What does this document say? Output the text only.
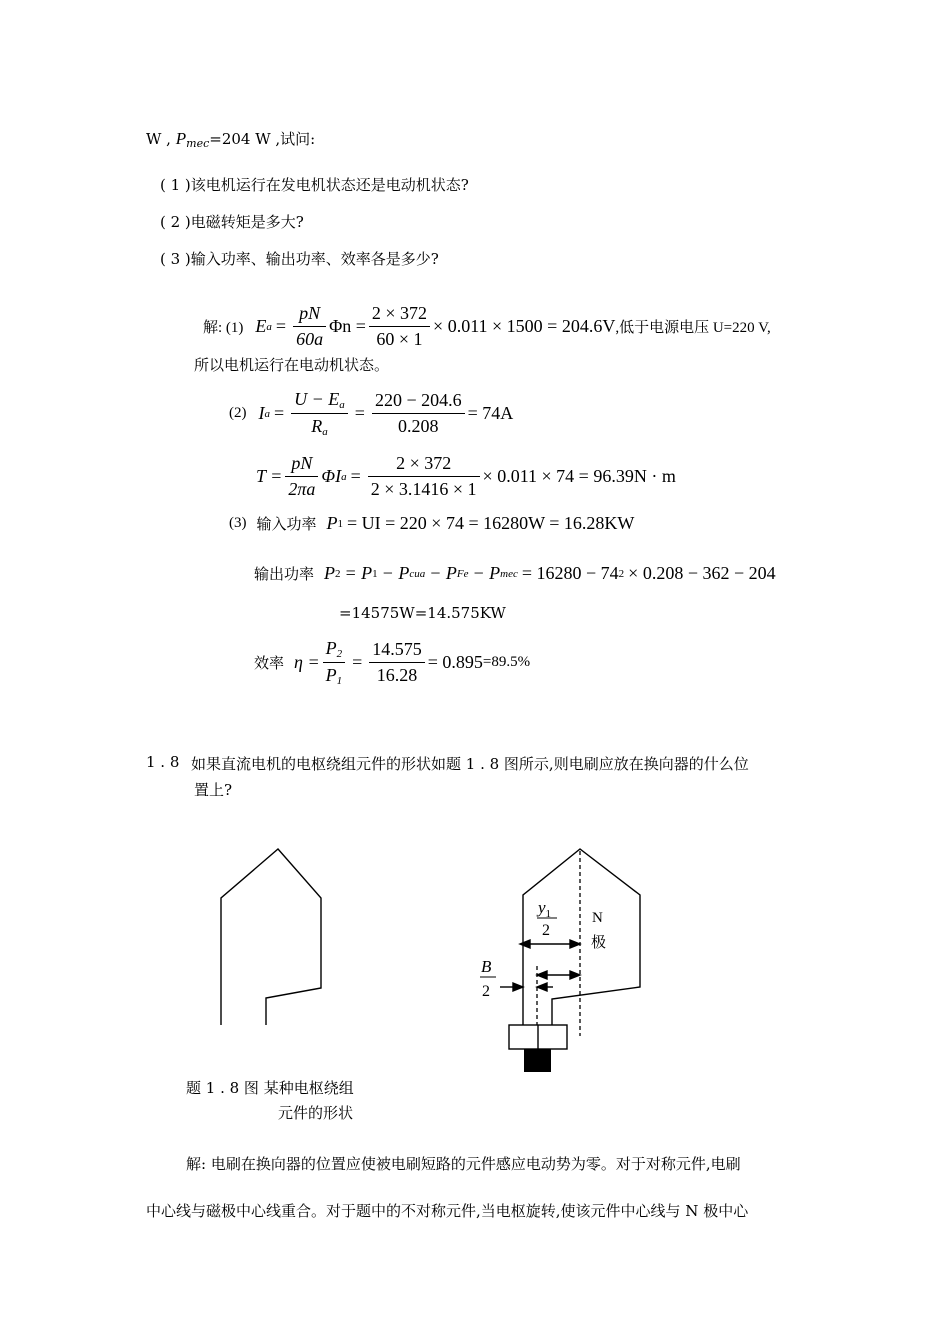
W , $P_{mec}=204$ W ,试问:
( 1 )该电机运行在发电机状态还是电动机状态?
( 2 )电磁转矩是多大?
( 3 )输入功率、输出功率、效率各是多少?
解: (1) E $a = \frac{pN}{60a}$ $\Phi n = \frac{2 \times 372}{60 \times 1} \times 0.011 \times 1500 = 204.6V$ ,低于电源电压 U=220 V,
所以电机运行在电动机状态。
(2) I $a = \frac{U - E_a}{R_a} = \frac{220 - 204.6}{0.208} = 74A$
$T = \frac{pN}{2\pi a}$ ΦI $a = \frac{2 \times 372}{2 \times 3.1416 \times 1} \times 0.011 \times 74 = 96.39N \cdot m$
(3) 输入功率 P 1 = UI = 220 × 74 = 16280W = 16.28KW
输出功率 P 2 = P 1 − P cua − P Fe − P mec = 16280 − 74 2 × 0.208 − 362 − 204
=14575W=14.575KW
效率 $\eta = \frac{P_2}{P_1} = \frac{14.575}{16.28} = 0.895 =89.5\%$
1 . 8 如果直流电机的电枢绕组元件的形状如题 1 . 8 图所示,则电刷应放在换向器的什么位
置上?
$y_1$
2
B
2
N
极
题 1 . 8 图 某种电枢绕组
元件的形状
解: 电刷在换向器的位置应使被电刷短路的元件感应电动势为零。对于对称元件,电刷
中心线与磁极中心线重合。对于题中的不对称元件,当电枢旋转,使该元件中心线与 N 极中心
